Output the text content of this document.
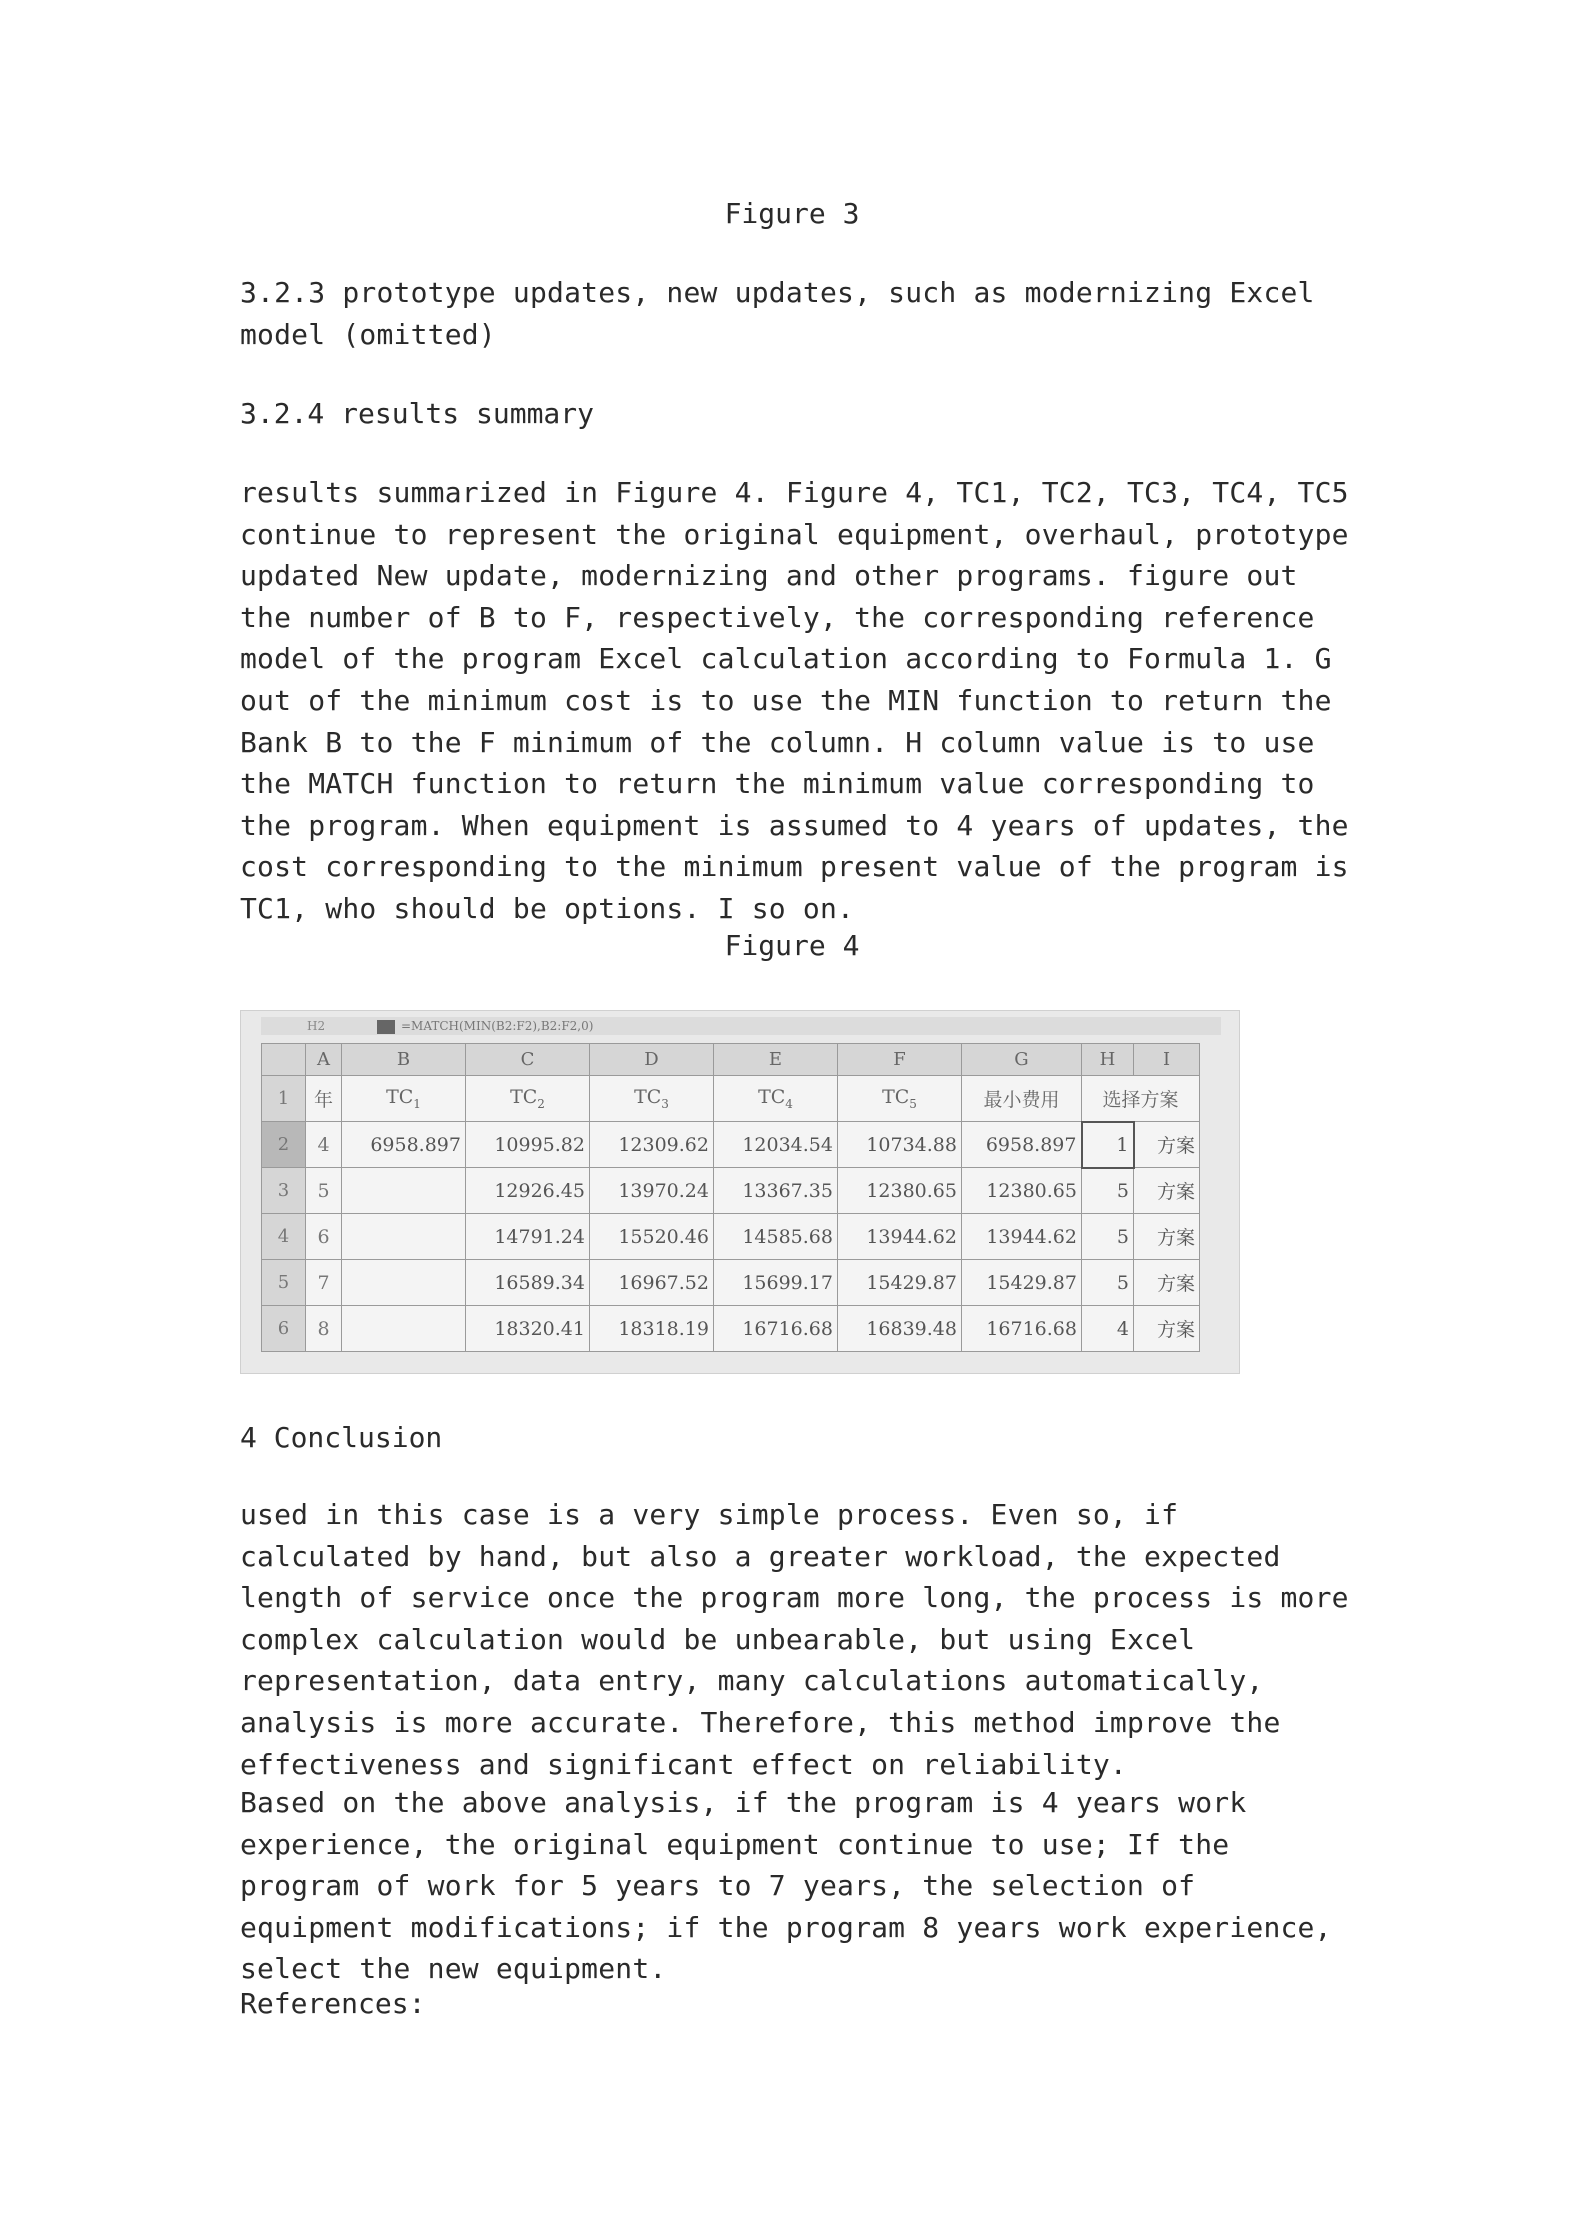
Figure 3
3.2.3 prototype updates, new updates, such as modernizing Excel model (omitted)
3.2.4 results summary
results summarized in Figure 4. Figure 4, TC1, TC2, TC3, TC4, TC5 continue to represent the original equipment, overhaul, prototype updated New update, modernizing and other programs. figure out the number of B to F, respectively, the corresponding reference model of the program Excel calculation according to Formula 1. G out of the minimum cost is to use the MIN function to return the Bank B to the F minimum of the column. H column value is to use the MATCH function to return the minimum value corresponding to the program. When equipment is assumed to 4 years of updates, the cost corresponding to the minimum present value of the program is TC1, who should be options. I so on.
Figure 4
H2	=MATCH(MIN(B2:F2),B2:F2,0)
	A	B	C	D	E	F	G	H	I
1	年	$TC_1$	$TC_2$	$TC_3$	$TC_4$	$TC_5$	最小费用	选择方案	
2	4	6958.897	10995.82	12309.62	12034.54	10734.88	6958.897	1	方案
3	5		12926.45	13970.24	13367.35	12380.65	12380.65	5	方案
4	6		14791.24	15520.46	14585.68	13944.62	13944.62	5	方案
5	7		16589.34	16967.52	15699.17	15429.87	15429.87	5	方案
6	8		18320.41	18318.19	16716.68	16839.48	16716.68	4	方案
4 Conclusion
used in this case is a very simple process. Even so, if calculated by hand, but also a greater workload, the expected length of service once the program more long, the process is more complex calculation would be unbearable, but using Excel representation, data entry, many calculations automatically, analysis is more accurate. Therefore, this method improve the effectiveness and significant effect on reliability.
Based on the above analysis, if the program is 4 years work experience, the original equipment continue to use; If the program of work for 5 years to 7 years, the selection of equipment modifications; if the program 8 years work experience, select the new equipment.
References:
